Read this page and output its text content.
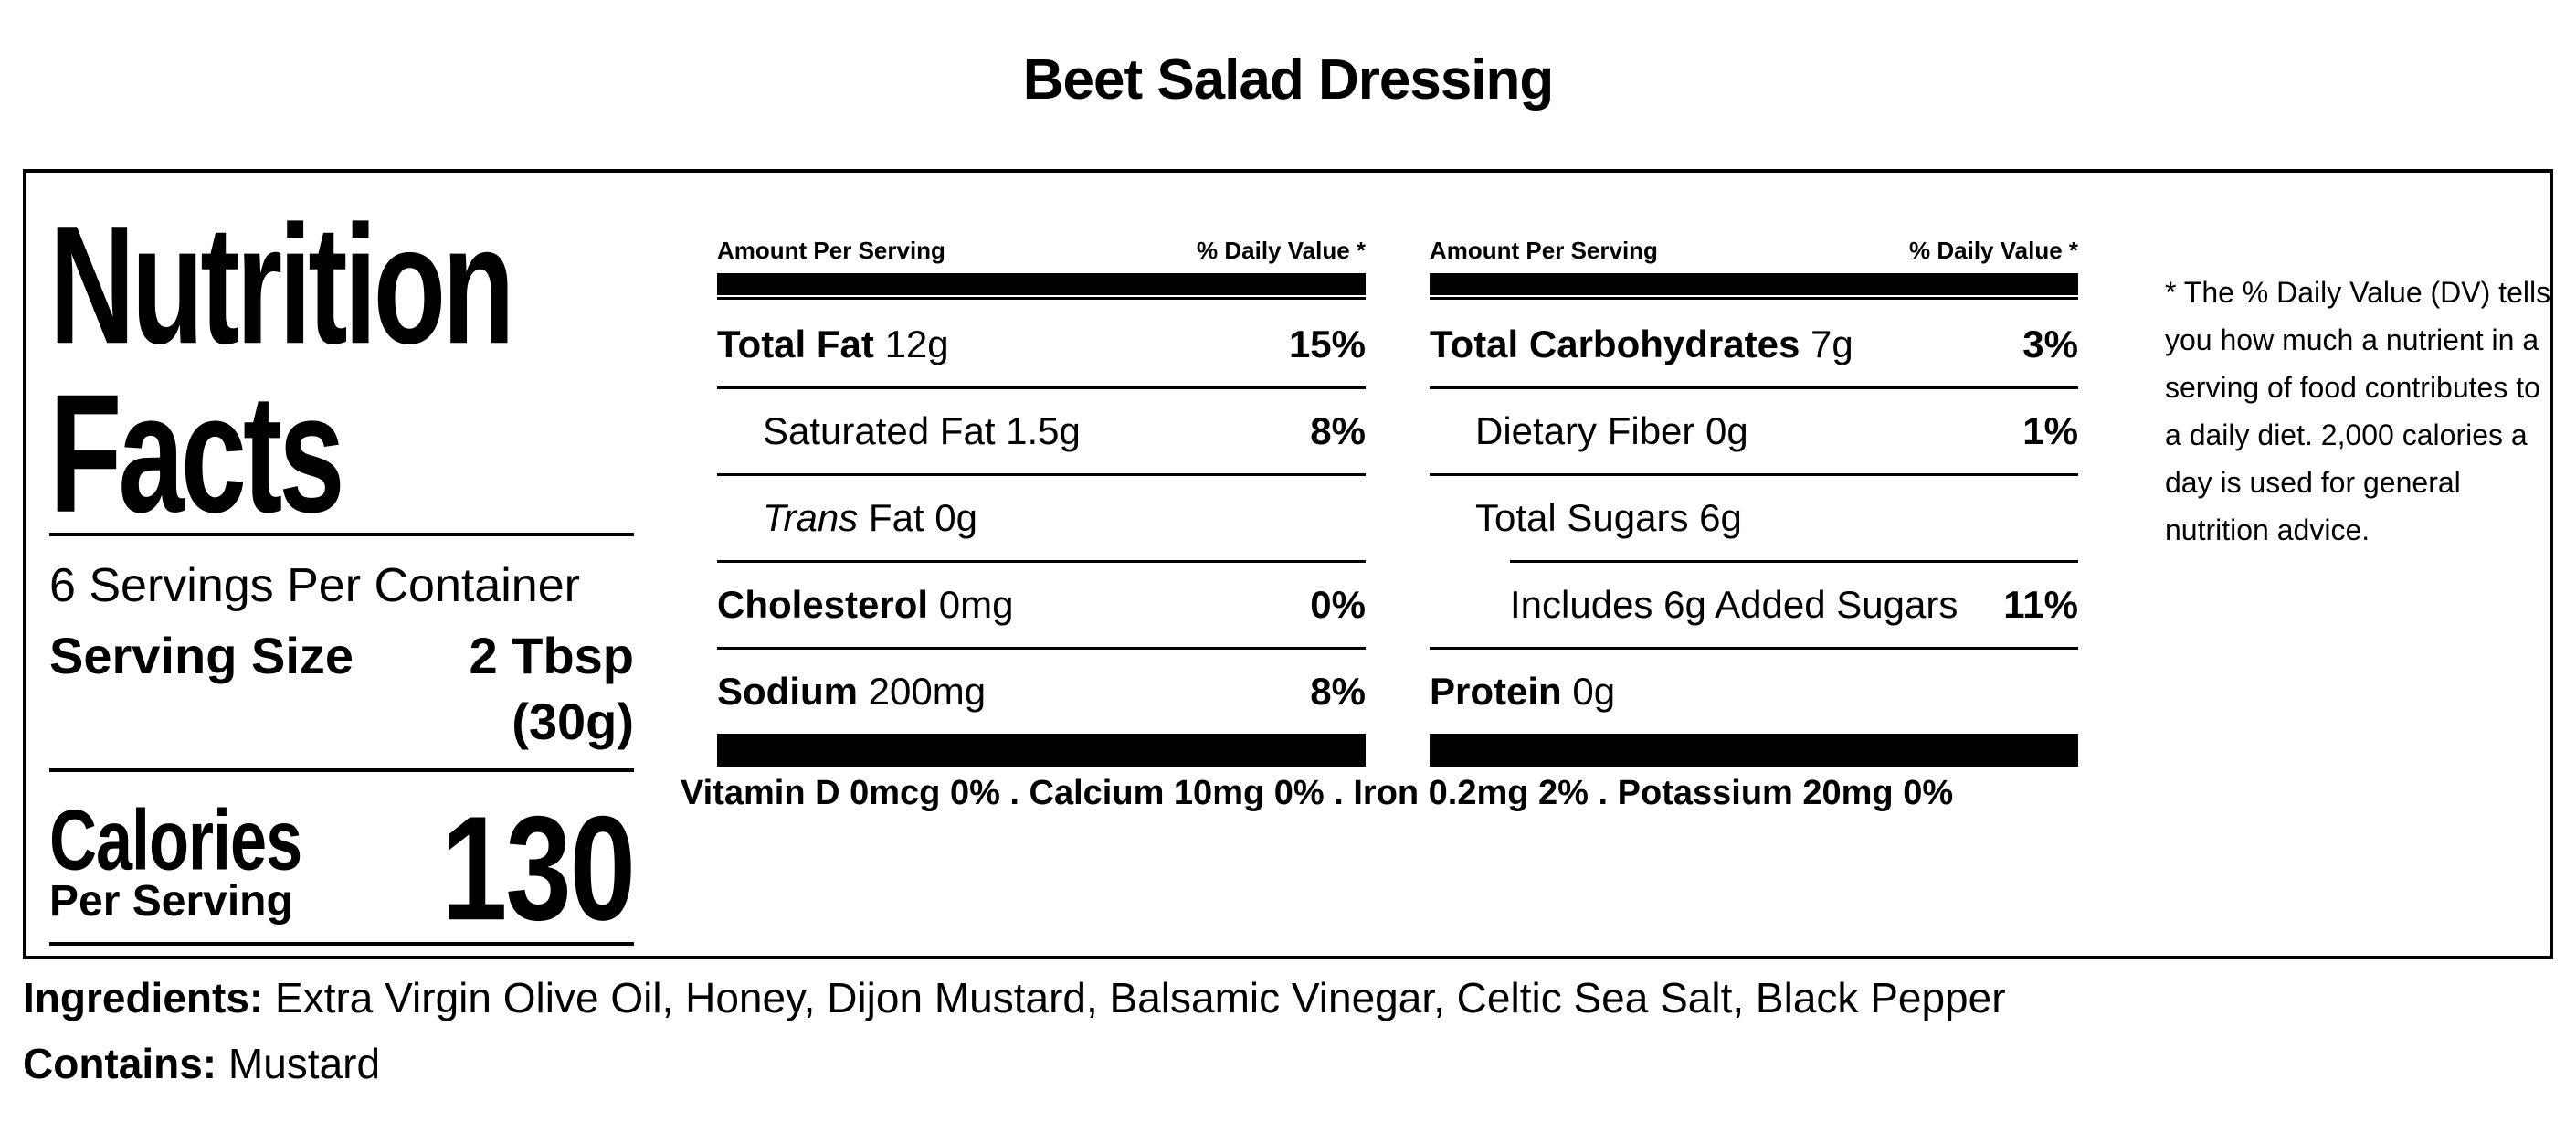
Beet Salad Dressing
Nutrition
Facts
6 Servings Per Container
Serving Size 2 Tbsp
(30g)
Calories
Per Serving 130
Amount Per Serving	% Daily Value *
Total Fat 12g	15%
Saturated Fat 1.5g	8%
Trans Fat 0g
Cholesterol 0mg	0%
Sodium 200mg	8%
Amount Per Serving	% Daily Value *
Total Carbohydrates 7g	3%
Dietary Fiber 0g	1%
Total Sugars 6g
Includes 6g Added Sugars 11%
Protein 0g
* The % Daily Value (DV) tells you how much a nutrient in a serving of food contributes to a daily diet. 2,000 calories a day is used for general nutrition advice.
Vitamin D 0mcg 0% . Calcium 10mg 0% . Iron 0.2mg 2% . Potassium 20mg 0%

Ingredients: Extra Virgin Olive Oil, Honey, Dijon Mustard, Balsamic Vinegar, Celtic Sea Salt, Black Pepper

Contains: Mustard
